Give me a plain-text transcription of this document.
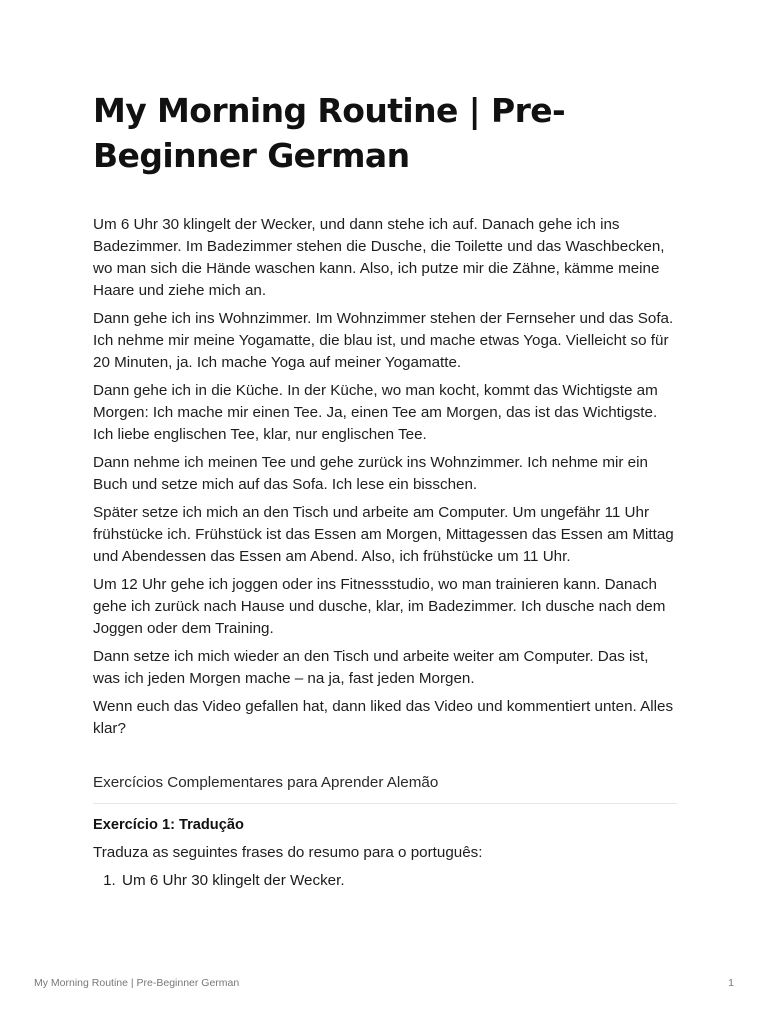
My Morning Routine | Pre-Beginner German

Um 6 Uhr 30 klingelt der Wecker, und dann stehe ich auf. Danach gehe ich ins Badezimmer. Im Badezimmer stehen die Dusche, die Toilette und das Waschbecken, wo man sich die Hände waschen kann. Also, ich putze mir die Zähne, kämme meine Haare und ziehe mich an.

Dann gehe ich ins Wohnzimmer. Im Wohnzimmer stehen der Fernseher und das Sofa. Ich nehme mir meine Yogamatte, die blau ist, und mache etwas Yoga. Vielleicht so für 20 Minuten, ja. Ich mache Yoga auf meiner Yogamatte.

Dann gehe ich in die Küche. In der Küche, wo man kocht, kommt das Wichtigste am Morgen: Ich mache mir einen Tee. Ja, einen Tee am Morgen, das ist das Wichtigste. Ich liebe englischen Tee, klar, nur englischen Tee.

Dann nehme ich meinen Tee und gehe zurück ins Wohnzimmer. Ich nehme mir ein Buch und setze mich auf das Sofa. Ich lese ein bisschen.

Später setze ich mich an den Tisch und arbeite am Computer. Um ungefähr 11 Uhr frühstücke ich. Frühstück ist das Essen am Morgen, Mittagessen das Essen am Mittag und Abendessen das Essen am Abend. Also, ich frühstücke um 11 Uhr.

Um 12 Uhr gehe ich joggen oder ins Fitnessstudio, wo man trainieren kann. Danach gehe ich zurück nach Hause und dusche, klar, im Badezimmer. Ich dusche nach dem Joggen oder dem Training.

Dann setze ich mich wieder an den Tisch und arbeite weiter am Computer. Das ist, was ich jeden Morgen mache – na ja, fast jeden Morgen.

Wenn euch das Video gefallen hat, dann liked das Video und kommentiert unten. Alles klar?

Exercícios Complementares para Aprender Alemão
Exercício 1: Tradução

Traduza as seguintes frases do resumo para o português:

1. Um 6 Uhr 30 klingelt der Wecker.
My Morning Routine | Pre-Beginner German	1
